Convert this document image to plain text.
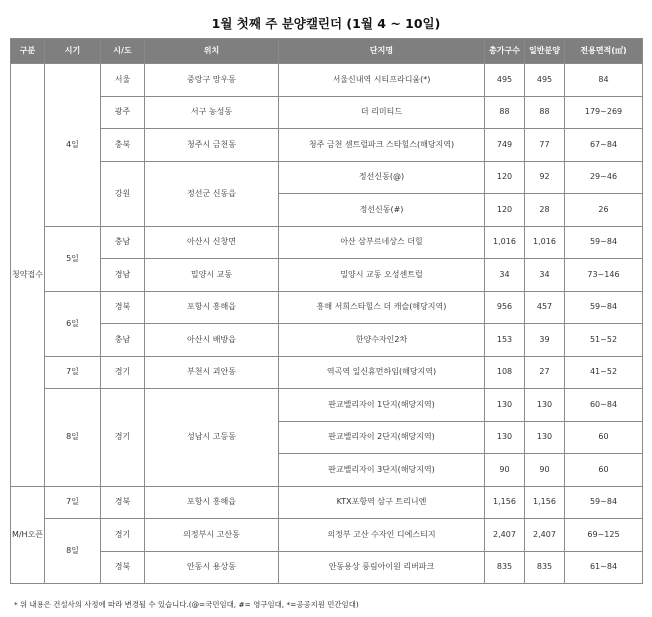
1월 첫째 주 분양캘린더 (1월 4 ~ 10일)
구분	시기	시/도	위치	단지명	총가구수	일반분양	전용면적(㎡)
청약접수	4일	서울	중랑구 망우동	서울신내역 시티프라디움(*)	495	495	84
		광주	서구 농성동	더 리미티드	88	88	179~269
		충북	청주시 금천동	청주 금천 센트럴파크 스타힐스(해당지역)	749	77	67~84
		강원	정선군 신동읍	정선신동(@)	120	92	29~46
				정선신동(#)	120	28	26
	5일	충남	아산시 신창면	아산 삼부르네상스 더힐	1,016	1,016	59~84
		경남	밀양시 교동	밀양시 교동 오성센트럴	34	34	73~146
	6일	경북	포항시 흥해읍	흥해 서희스타힐스 더 캐슬(해당지역)	956	457	59~84
		충남	아산시 배방읍	한양수자인2차	153	39	51~52
	7일	경기	부천시 괴안동	역곡역 일신휴먼하임(해당지역)	108	27	41~52
	8일	경기	성남시 고등동	판교밸리자이 1단지(해당지역)	130	130	60~84
				판교밸리자이 2단지(해당지역)	130	130	60
				판교밸리자이 3단지(해당지역)	90	90	60
M/H오픈	7일	경북	포항시 흥해읍	KTX포항역 삼구 트리니엔	1,156	1,156	59~84
	8일	경기	의정부시 고산동	의정부 고산 수자인 디에스티지	2,407	2,407	69~125
		경북	안동시 용상동	안동용상 풍림아이원 리버파크	835	835	61~84
* 위 내용은 건설사의 사정에 따라 변경될 수 있습니다.(@=국민임대, #= 영구임대, *=공공지원 민간임대)
